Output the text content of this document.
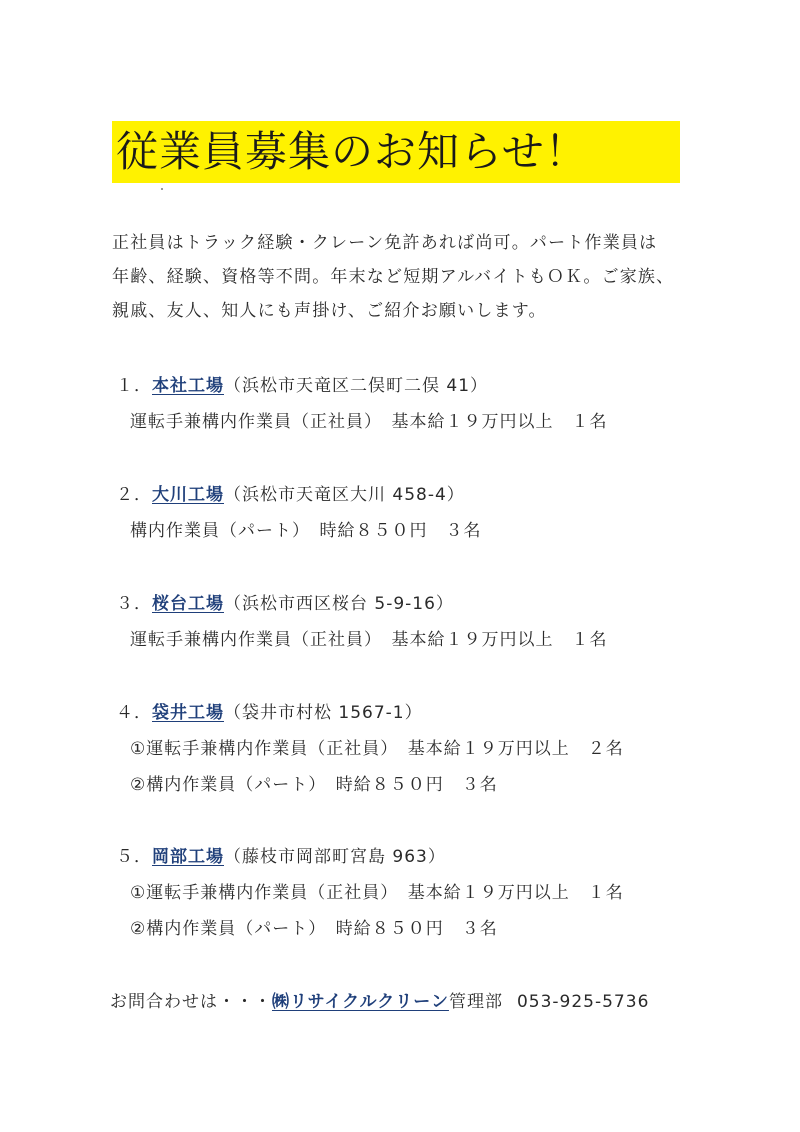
従業員募集のお知らせ！
正社員はトラック経験・クレーン免許あれば尚可。パート作業員は
年齢、経験、資格等不問。年末など短期アルバイトもＯＫ。ご家族、
親戚、友人、知人にも声掛け、ご紹介お願いします。
１．本社工場（浜松市天竜区二俣町二俣 41）
運転手兼構内作業員（正社員）　基本給１９万円以上　１名
２．大川工場（浜松市天竜区大川 458-4）
構内作業員（パート）　時給８５０円　３名
３．桜台工場（浜松市西区桜台 5-9-16）
運転手兼構内作業員（正社員）　基本給１９万円以上　１名
４．袋井工場（袋井市村松 1567-1）
①運転手兼構内作業員（正社員）　基本給１９万円以上　２名
②構内作業員（パート）　時給８５０円　３名
５．岡部工場（藤枝市岡部町宮島 963）
①運転手兼構内作業員（正社員）　基本給１９万円以上　１名
②構内作業員（パート）　時給８５０円　３名
お問合わせは・・・㈱リサイクルクリーン管理部 053-925-5736
